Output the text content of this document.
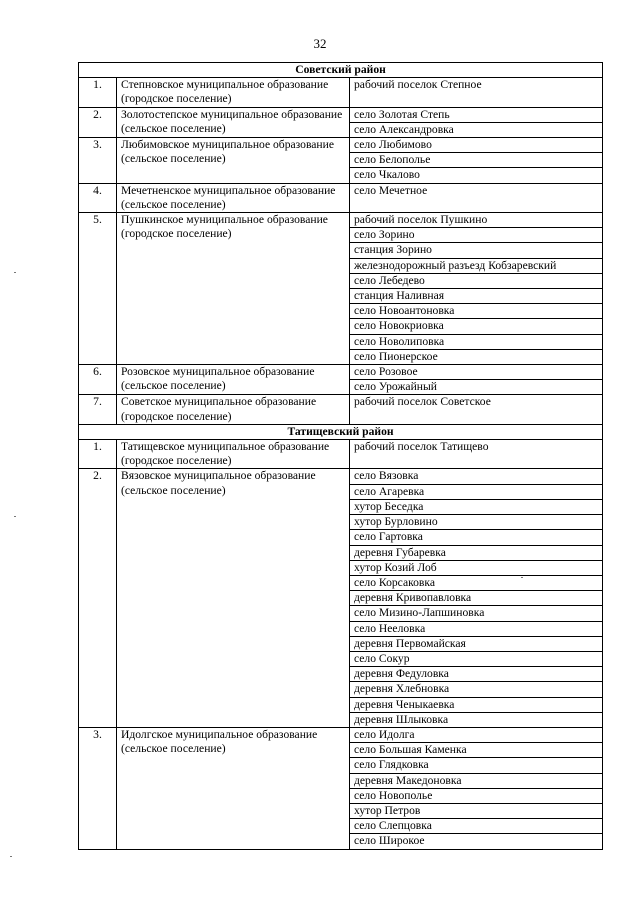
32
Советский район		
1.	Степновское муниципальное образование (городское поселение)	рабочий поселок Степное
2.	Золотостепское муниципальное образование (сельское поселение)	село Золотая Степь
		село Александровка
3.	Любимовское муниципальное образование (сельское поселение)	село Любимово
		село Белополье
		село Чкалово
4.	Мечетненское муниципальное образование (сельское поселение)	село Мечетное
5.	Пушкинское муниципальное образование (городское поселение)	рабочий поселок Пушкино
		село Зорино
		станция Зорино
		железнодорожный разъезд Кобзаревский
		село Лебедево
		станция Наливная
		село Новоантоновка
		село Новокриовка
		село Новолиповка
		село Пионерское
6.	Розовское муниципальное образование (сельское поселение)	село Розовое
		село Урожайный
7.	Советское муниципальное образование (городское поселение)	рабочий поселок Советское
Татищевский район		
1.	Татищевское муниципальное образование (городское поселение)	рабочий поселок Татищево
2.	Вязовское муниципальное образование (сельское поселение)	село Вязовка
		село Агаревка
		хутор Беседка
		хутор Бурловино
		село Гартовка
		деревня Губаревка
		хутор Козий Лоб
		село Корсаковка
		деревня Кривопавловка
		село Мизино-Лапшиновка
		село Нееловка
		деревня Первомайская
		село Сокур
		деревня Федуловка
		деревня Хлебновка
		деревня Ченыкаевка
		деревня Шлыковка
3.	Идолгское муниципальное образование (сельское поселение)	село Идолга
		село Большая Каменка
		село Глядковка
		деревня Македоновка
		село Новополье
		хутор Петров
		село Слепцовка
		село Широкое
